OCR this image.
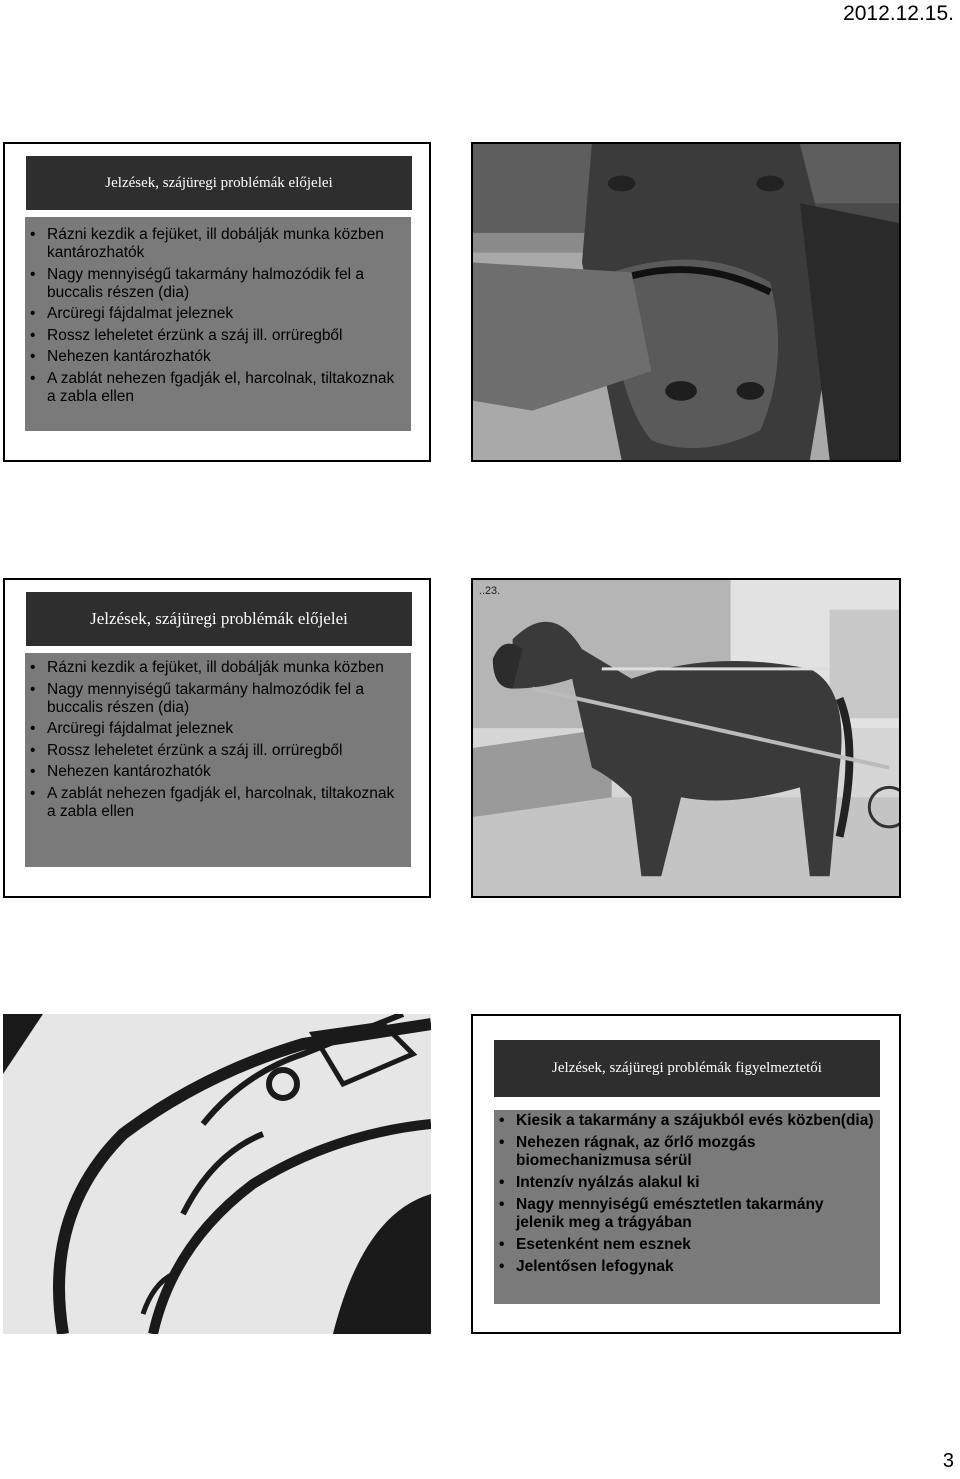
2012.12.15.
Jelzések, szájüregi problémák előjelei
• Rázni kezdik a fejüket, ill dobálják munka közben kantározhatók
• Nagy mennyiségű takarmány halmozódik fel a buccalis részen (dia)
• Arcüregi fájdalmat jeleznek
• Rossz leheletet érzünk a száj ill. orrüregből
• Nehezen kantározhatók
• A zablát nehezen fgadják el, harcolnak, tiltakoznak a zabla ellen
Jelzések, szájüregi problémák előjelei
• Rázni kezdik a fejüket, ill dobálják munka közben
• Nagy mennyiségű takarmány halmozódik fel a buccalis részen (dia)
• Arcüregi fájdalmat jeleznek
• Rossz leheletet érzünk a száj ill. orrüregből
• Nehezen kantározhatók
• A zablát nehezen fgadják el, harcolnak, tiltakoznak a zabla ellen
..23.
Jelzések, szájüregi problémák figyelmeztetői
• Kiesik a takarmány a szájukból evés közben(dia)
• Nehezen rágnak, az őrlő mozgás biomechanizmusa sérül
• Intenzív nyálzás alakul ki
• Nagy mennyiségű emésztetlen takarmány jelenik meg a trágyában
• Esetenként nem esznek
• Jelentősen lefogynak
3
